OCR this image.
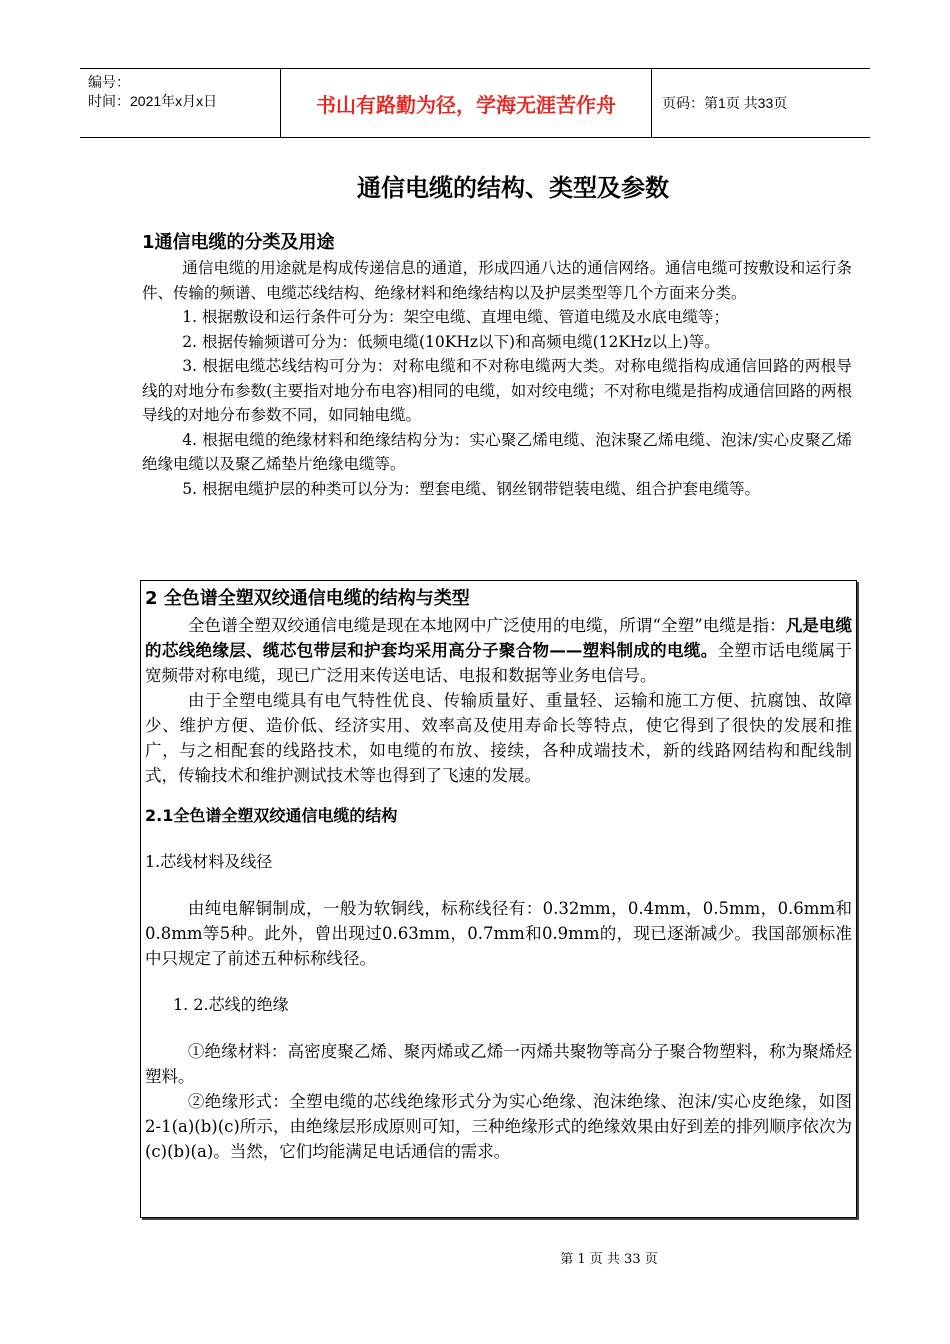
编号：
时间：2021年x月x日	书山有路勤为径，学海无涯苦作舟	页码：第1页 共33页
通信电缆的结构、类型及参数
1通信电缆的分类及用途

通信电缆的用途就是构成传递信息的通道，形成四通八达的通信网络。通信电缆可按敷设和运行条件、传输的频谱、电缆芯线结构、绝缘材料和绝缘结构以及护层类型等几个方面来分类。

1. 根据敷设和运行条件可分为：架空电缆、直埋电缆、管道电缆及水底电缆等；

2. 根据传输频谱可分为：低频电缆(10KHz以下)和高频电缆(12KHz以上)等。

3. 根据电缆芯线结构可分为：对称电缆和不对称电缆两大类。对称电缆指构成通信回路的两根导线的对地分布参数(主要指对地分布电容)相同的电缆，如对绞电缆；不对称电缆是指构成通信回路的两根导线的对地分布参数不同，如同轴电缆。

4. 根据电缆的绝缘材料和绝缘结构分为：实心聚乙烯电缆、泡沫聚乙烯电缆、泡沫/实心皮聚乙烯绝缘电缆以及聚乙烯垫片绝缘电缆等。

5. 根据电缆护层的种类可以分为：塑套电缆、钢丝钢带铠装电缆、组合护套电缆等。

2 全色谱全塑双绞通信电缆的结构与类型

全色谱全塑双绞通信电缆是现在本地网中广泛使用的电缆，所谓“全塑”电缆是指：凡是电缆的芯线绝缘层、缆芯包带层和护套均采用高分子聚合物——塑料制成的电缆。全塑市话电缆属于宽频带对称电缆，现已广泛用来传送电话、电报和数据等业务电信号。

由于全塑电缆具有电气特性优良、传输质量好、重量轻、运输和施工方便、抗腐蚀、故障少、维护方便、造价低、经济实用、效率高及使用寿命长等特点，使它得到了很快的发展和推广，与之相配套的线路技术，如电缆的布放、接续，各种成端技术，新的线路网结构和配线制式，传输技术和维护测试技术等也得到了飞速的发展。

2.1全色谱全塑双绞通信电缆的结构
1.芯线材料及线径

由纯电解铜制成，一般为软铜线，标称线径有：0.32mm，0.4mm，0.5mm，0.6mm和0.8mm等5种。此外，曾出现过0.63mm，0.7mm和0.9mm的，现已逐渐减少。我国部颁标准中只规定了前述五种标称线径。

1. 2.芯线的绝缘

①绝缘材料：高密度聚乙烯、聚丙烯或乙烯一丙烯共聚物等高分子聚合物塑料，称为聚烯烃塑料。

②绝缘形式：全塑电缆的芯线绝缘形式分为实心绝缘、泡沫绝缘、泡沫/实心皮绝缘，如图2-1(a)(b)(c)所示，由绝缘层形成原则可知，三种绝缘形式的绝缘效果由好到差的排列顺序依次为(c)(b)(a)。当然，它们均能满足电话通信的需求。

第 1 页 共 33 页
